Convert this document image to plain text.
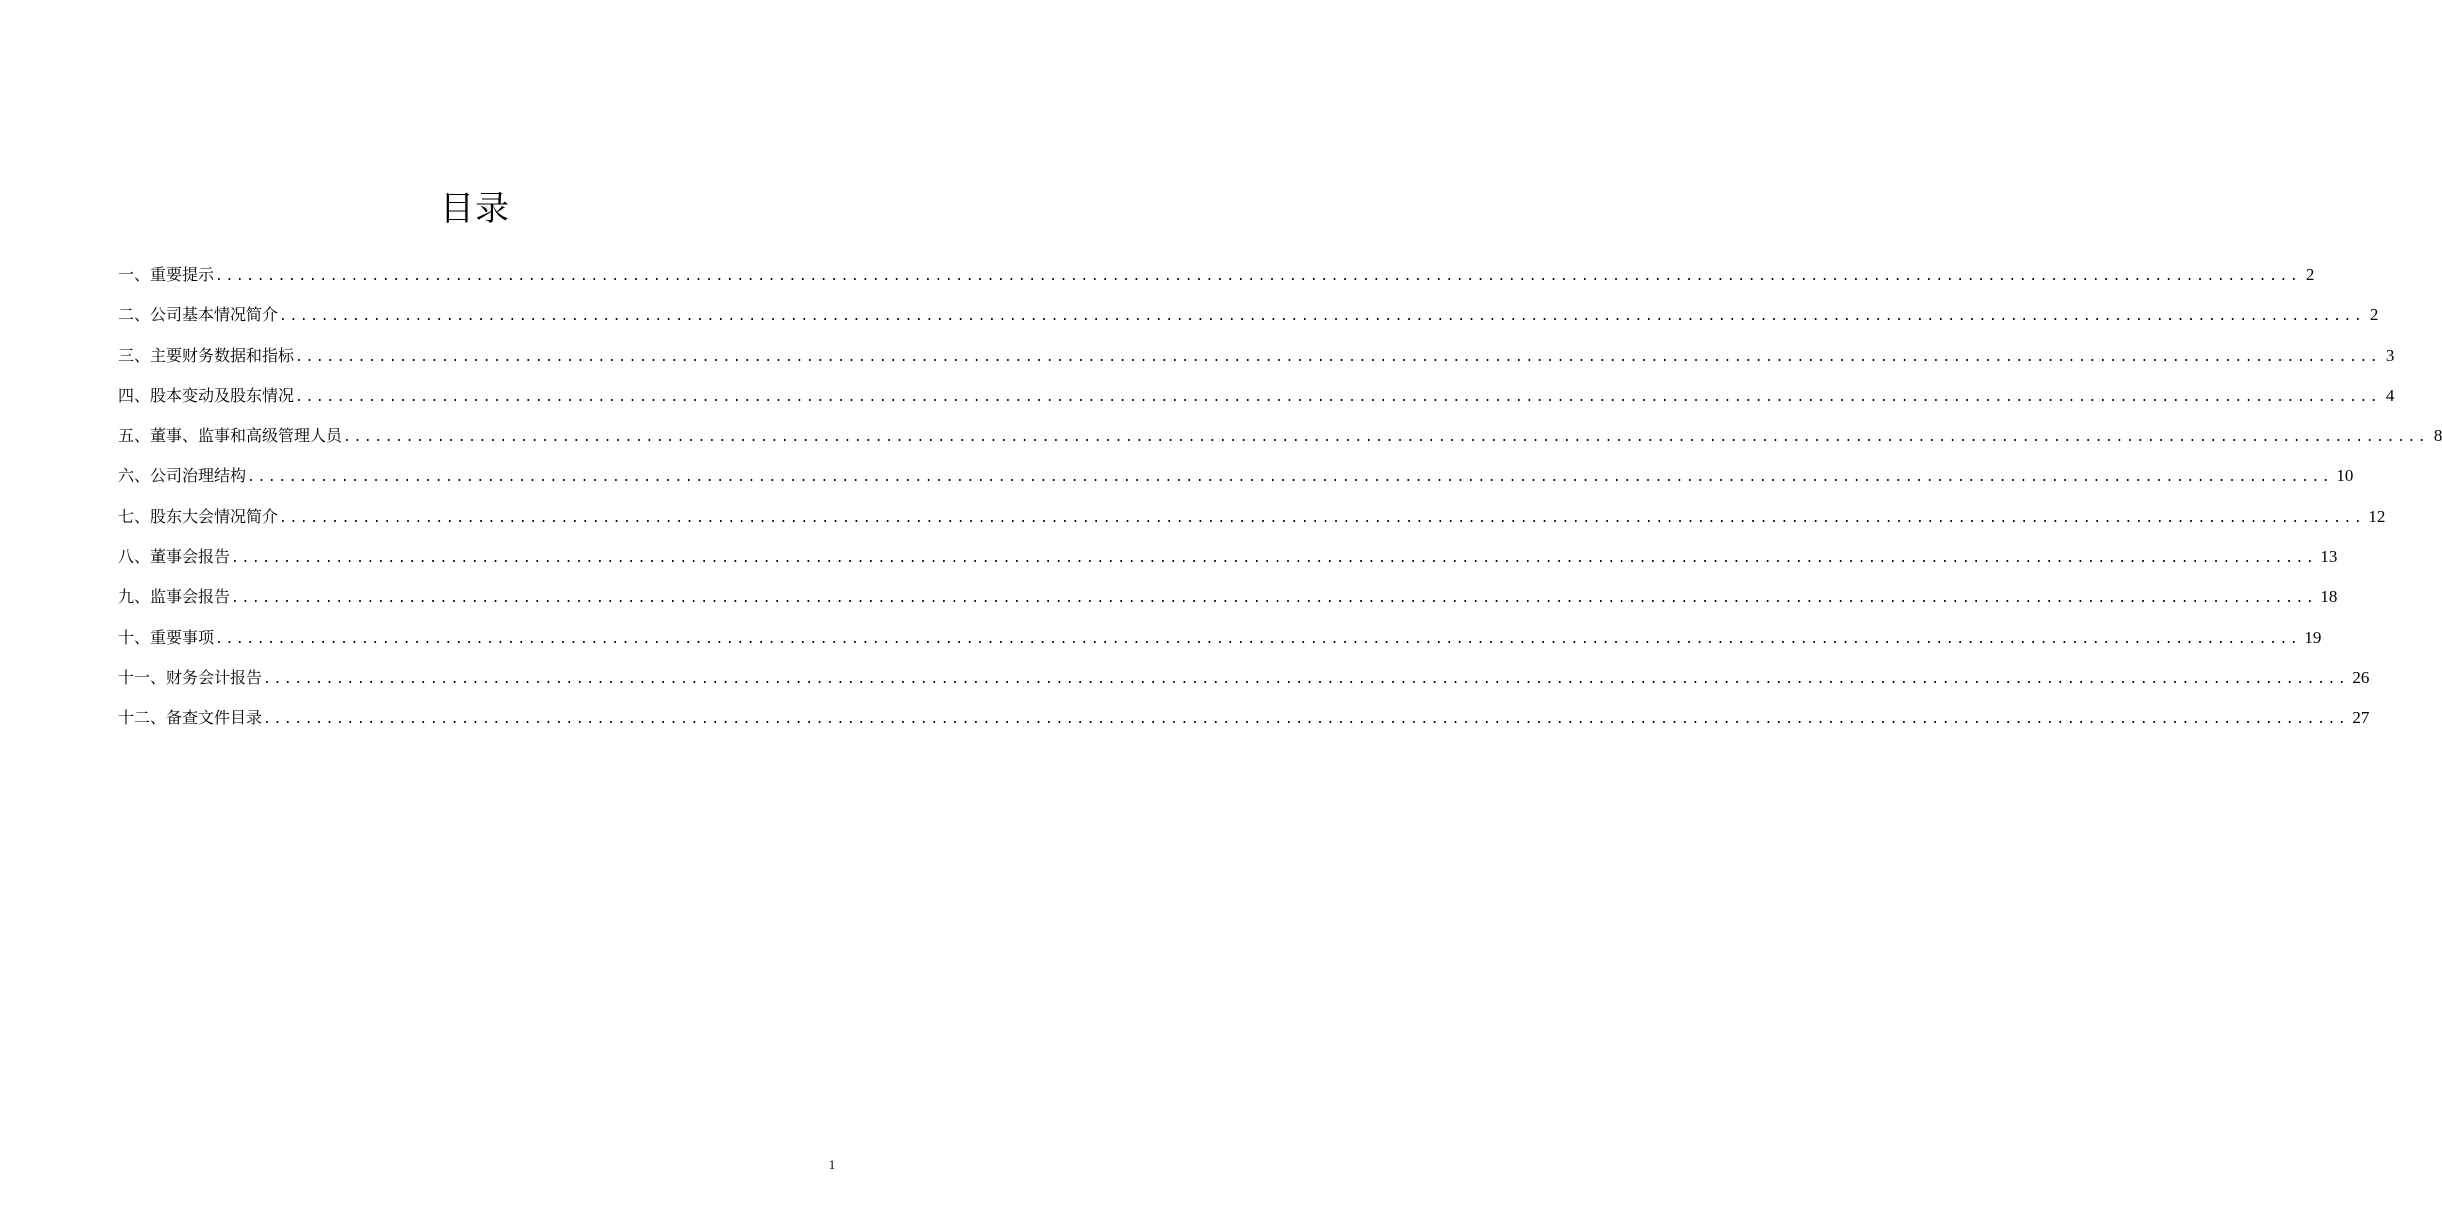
目录
一、重要提示 ........................................................................................................................................................................................................ 2
二、公司基本情况简介 ........................................................................................................................................................................................................ 2
三、主要财务数据和指标 ........................................................................................................................................................................................................ 3
四、股本变动及股东情况 ........................................................................................................................................................................................................ 4
五、董事、监事和高级管理人员 ........................................................................................................................................................................................................ 8
六、公司治理结构 ........................................................................................................................................................................................................ 10
七、股东大会情况简介 ........................................................................................................................................................................................................ 12
八、董事会报告 ........................................................................................................................................................................................................ 13
九、监事会报告 ........................................................................................................................................................................................................ 18
十、重要事项 ........................................................................................................................................................................................................ 19
十一、财务会计报告 ........................................................................................................................................................................................................ 26
十二、备查文件目录 ........................................................................................................................................................................................................ 27
1
